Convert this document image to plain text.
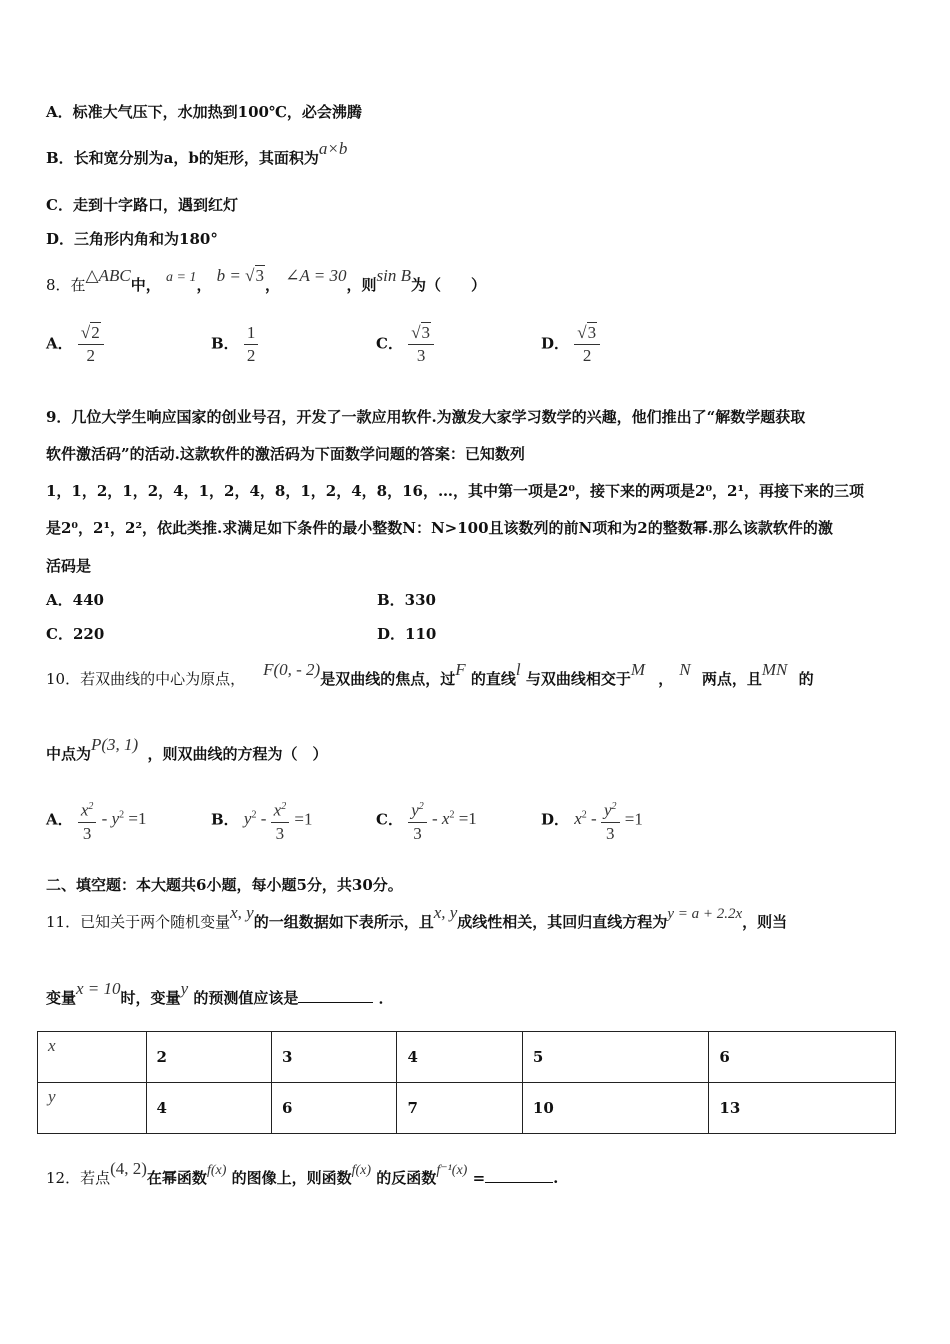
A．标准大气压下，水加热到100℃，必会沸腾
B．长和宽分别为a，b的矩形，其面积为a×b
C．走到十字路口，遇到红灯
D．三角形内角和为180°
8．在△ABC中， a = 1， b = √3， ∠A = 30，则sin B为（　　）
A． $\frac{√2}{2}$	B． $\frac{1}{2}$	C． $\frac{√3}{3}$	D． $\frac{√3}{2}$
9．几位大学生响应国家的创业号召，开发了一款应用软件.为激发大家学习数学的兴趣，他们推出了“解数学题获取
软件激活码”的活动.这款软件的激活码为下面数学问题的答案：已知数列
1，1，2，1，2，4，1，2，4，8，1，2，4，8，16，…，其中第一项是2⁰，接下来的两项是2⁰，2¹，再接下来的三项
是2⁰，2¹，2²，依此类推.求满足如下条件的最小整数N：N>100且该数列的前N项和为2的整数幂.那么该款软件的激
活码是
A．440	B．330
C．220	D．110
10．若双曲线的中心为原点， F(0, - 2)是双曲线的焦点，过F 的直线l 与双曲线相交于M ， N 两点，且MN 的
中点为P(3, 1) ，则双曲线的方程为（　）
A． $\frac{x^2}{3} - y^2 =1$	B． $y^2 - \frac{x^2}{3} =1$	C． $\frac{y^2}{3} - x^2 =1$	D． $x^2 - \frac{y^2}{3} =1$
二、填空题：本大题共6小题，每小题5分，共30分。
11．已知关于两个随机变量x, y的一组数据如下表所示，且x, y成线性相关，其回归直线方程为y = a + 2.2x，则当
变量x = 10时，变量y 的预测值应该是	．
x	2	3	4	5	6
y	4	6	7	10	13
12．若点(4, 2)在幂函数f(x) 的图像上，则函数f(x) 的反函数f⁻¹(x) =	.
